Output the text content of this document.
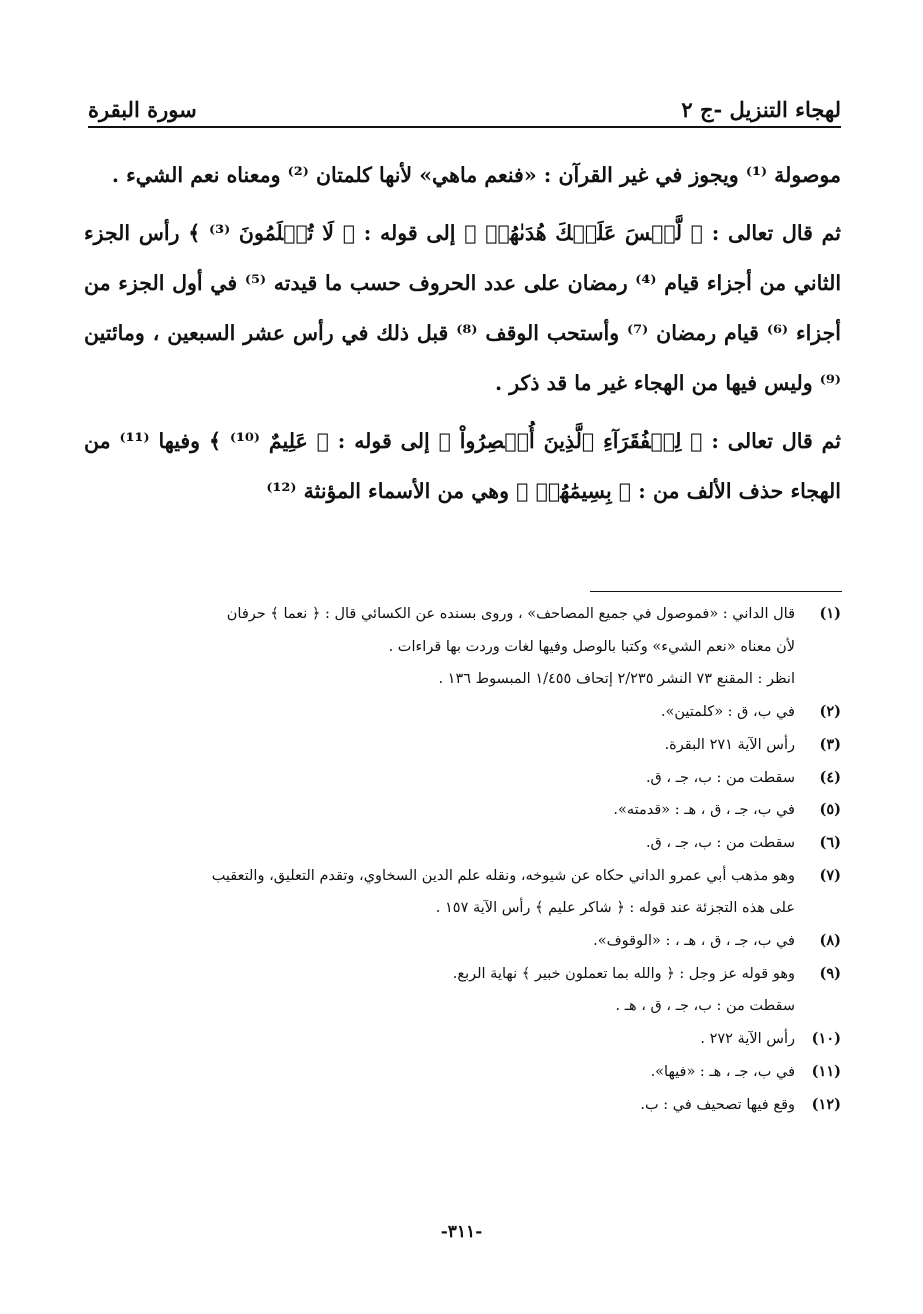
سورة البقرة	لهجاء التنزيل -ج ٢

موصولة ⁽¹⁾ ويجوز في غير القرآن : «فنعم ماهي» لأنها كلمتان ⁽²⁾ ومعناه نعم الشيء .

ثم قال تعالى : ﴿ لَّيۡسَ عَلَيۡكَ هُدَىٰهُمۡ ﴾ إلى قوله : ﴿ لَا تُظۡلَمُونَ ⁽³⁾ ﴾ رأس الجزء الثاني من أجزاء قيام ⁽⁴⁾ رمضان على عدد الحروف حسب ما قيدته ⁽⁵⁾ في أول الجزء من أجزاء ⁽⁶⁾ قيام رمضان ⁽⁷⁾ وأستحب الوقف ⁽⁸⁾ قبل ذلك في رأس عشر السبعين ، ومائتين ⁽⁹⁾ وليس فيها من الهجاء غير ما قد ذكر .

ثم قال تعالى : ﴿ لِلۡفُقَرَآءِ ٱلَّذِينَ أُحۡصِرُواْ ﴾ إلى قوله : ﴿ عَلِيمٌ ⁽¹⁰⁾ ﴾ وفيها ⁽¹¹⁾ من الهجاء حذف الألف من : ﴿ بِسِيمَٰهُمۡ ﴾ وهي من الأسماء المؤنثة ⁽¹²⁾

(١)
قال الداني : «فموصول في جميع المصاحف» ، وروى بسنده عن الكسائي قال : ﴿ نعما ﴾ حرفان
لأن معناه «نعم الشيء» وكتبا بالوصل وفيها لغات وردت بها قراءات .
انظر : المقنع ٧٣ النشر ٢/٢٣٥ إتحاف ١/٤٥٥ المبسوط ١٣٦ .
(٢)
في ب، ق : «كلمتين».
(٣)
رأس الآية ٢٧١ البقرة.
(٤)
سقطت من : ب، جـ ، ق.
(٥)
في ب، جـ ، ق ، هـ : «قدمته».
(٦)
سقطت من : ب، جـ ، ق.
(٧)
وهو مذهب أبي عمرو الداني حكاه عن شيوخه، ونقله علم الدين السخاوي، وتقدم التعليق، والتعقيب
على هذه التجزئة عند قوله : ﴿ شاكر عليم ﴾ رأس الآية ١٥٧ .
(٨)
في ب، جـ ، ق ، هـ ، : «الوقوف».
(٩)
وهو قوله عز وجل : ﴿ والله بما تعملون خبير ﴾ نهاية الربع.
سقطت من : ب، جـ ، ق ، هـ .
(١٠)
رأس الآية ٢٧٢ .
(١١)
في ب، جـ ، هـ : «فيها».
(١٢)
وقع فيها تصحيف في : ب.
-٣١١-
